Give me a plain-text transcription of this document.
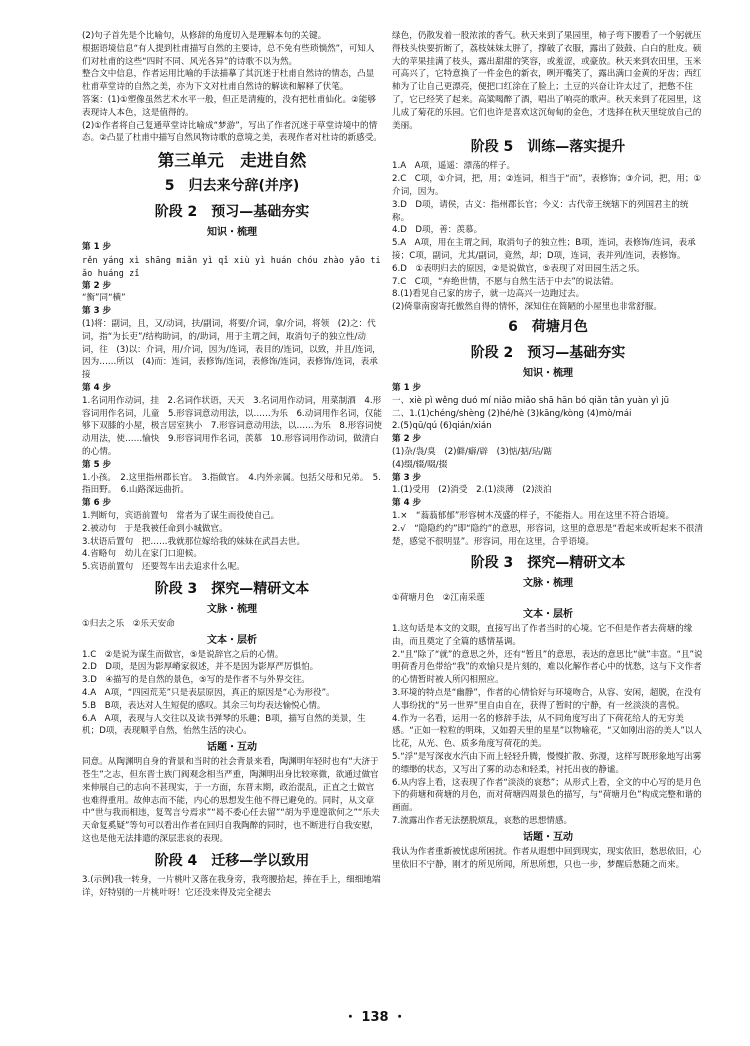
(2)句子首先是个比喻句，从修辞的角度切入是理解本句的关键。

根据语境信息“有人提到杜甫描写自然的主要诗，总不免有些琐惝然”，可知人们对杜甫的这些“四时不同、风光各异”的诗歌不以为然。

整合文中信息，作者运用比喻的手法描摹了其沉迷于杜甫自然诗的情态，凸显杜甫草堂诗的自然之美，亦为下文对杜甫自然诗的解读和解释了伏笔。

答案：(1)①塑像虽然艺术水平一般，但正是清瘦的，没有把杜甫仙化。②能够表现诗人本色，这是值得的。

(2)①作者将自己复通草堂诗比喻成“梦游”，写出了作者沉迷于草堂诗境中的情态。②凸显了杜甫中描写自然风物诗歌的意境之美，表现作者对杜诗的新感受。

第三单元　走进自然
5　归去来兮辞(并序)
阶段 2　预习—基础夯实
知识・梳理

第 1 步

rěn yáng xì shāng miǎn yì qǐ xiù yì huán chóu zhào yǎo tiǎo huáng zǐ

第 2 步

“衡”同“横”

第 3 步

(1)将：副词，且，又/动词，扶/副词，将要/介词，拿/介词，将领　(2)之：代词，指“为长吏”/结构助词，的/助词，用于主谓之间，取消句子的独立性/动词，往　(3)以：介词，用/介词，因为/连词，表目的/连词，以致，并且/连词，因为……所以　(4)而：连词，表修饰/连词，表修饰/连词，表修饰/连词，表承接

第 4 步

1.名词用作动词，挂　2.名词作状语，天天　3.名词用作动词，用菜制酒　4.形容词用作名词，儿童　5.形容词意动用法，以……为乐　6.动词用作名词，仅能够下双膝的小屋，极言居室狭小　7.形容词意动用法，以……为乐　8.形容词使动用法，使……愉快　9.形容词用作名词，羡慕　10.形容词用作动词，做清白的心情。

第 5 步

1.小孩。　2.这里指州郡长官。　3.指做官。　4.内外亲属。包括父母和兄弟。　5.指田野。　6.山路深远曲折。

第 6 步

1.判断句，宾语前置句　常者为了谋生而役使自己。
2.被动句　于是我被任命到小城做官。
3.状语后置句　把……我就那位嫁给我的妹妹在武昌去世。
4.省略句　幼儿在家门口迎候。
5.宾语前置句　还要驾车出去追求什么呢。

阶段 3　探究—精研文本
文脉・梳理

①归去之乐　②乐天安命

文本・层析

1.C　②是说为谋生而做官，⑤是说辞官之后的心情。
2.D　D项，是因为影厚嵴家叙述，并不是因为影厚严厉惧怕。
3.D　④描写的是自然的景色，⑤写的是作者不与外界交往。
4.A　A项，“四园荒芜”只是表层原因，真正的原因是“心为形役”。
5.B　B项，表达对人生短促的感叹。其余三句均表达愉悦心情。
6.A　A项，表现与人交往以及读书弹琴的乐趣；B项，描写自然的美景，生机；D项，表现顺乎自然，怡然生活的决心。

话题・互动

同意。从陶渊明自身的背景和当时的社会背景来看，陶渊明年轻时也有“大济于苍生”之志，但东晋士族门阀观念相当严重，陶渊明出身比较寒微，欲通过做官来伸展自己的志向不甚现实，于一方面，东晋末期，政治混乱，正直之士做官也难得重用。故伸志而不能，内心的思想发生他不得已避免的。同时，从文章中“世与我而相违，复驾言兮焉求”“曷不委心任去留”“胡为乎遑遑欲何之”“乐夫天命复奚疑”等句可以看出作者在回归自我陶醉的同时，也不断进行自我安慰，这也是他无法排遣的深层悲哀的表现。

阶段 4　迁移—学以致用

3.(示例)我一转身，一片桃叶又落在我身旁，我弯腰拾起，捧在手上，细细地端详，好特别的一片桃叶呀！它还没来得及完全褪去

绿色，仍散发着一股浓浓的香气。秋天来到了果园里，柿子弯下腰看了一个躬就压得枝头快要折断了，荔枝妹妹太胖了，撑破了衣服，露出了鼓鼓、白白的肚皮。硕大的苹果挂满了枝头，露出甜甜的笑容，或羞涩，或豪放。秋天来到农田里，玉米可高兴了，它特意换了一件金色的新衣，咧开嘴笑了，露出满口金黄的牙齿；西红柿为了让自己更漂亮，便把口红涂在了脸上；土豆的兴奋让许太过了，把憋不住了，它已经笑了起来。高粱喝醉了酒，唱出了响亮的歌声。秋天来到了花园里，这儿成了菊花的乐园。它们也许是喜欢这沉甸甸的金色，才选择在秋天里绽放自己的美丽。

阶段 5　训练—落实提升

1.A　A项，遥遥：漂荡的样子。
2.C　C项，①介词，把，用；②连词，相当于“而”，表修饰；③介词，把，用；①介词，因为。
3.D　D项，请侯，古义：指州郡长官；今义：古代帝王统辖下的列国君主的统称。
4.D　D项，善：羡慕。
5.A　A项，用在主谓之间，取消句子的独立性；B项，连词，表修饰/连词，表承接；C项，副词，尤其/副词，竟然，却；D项，连词，表并列/连词，表修饰。
6.D　①表明归去的原因，②是说做官，⑤表现了对田园生活之乐。
7.C　C项，“弃绝世情，不愿与自然生活于中去”的说法错。
8.(1)看见自己家的房子，就一边高兴一边跑过去。
(2)倚靠南窗寄托傲然自得的情怀，深知住在简陋的小屋里也非常舒服。

6　荷塘月色
阶段 2　预习—基础夯实
知识・梳理

第 1 步

一、xiè pì wěng duó mí niǎo miǎo shā hān bó qiǎn tǎn yuàn yì jū
二、1.(1)chéng/shèng (2)hé/hè (3)kāng/kòng (4)mò/mái
2.(5)qū/qú (6)qián/xián

第 2 步

(1)杂/袅/臭　(2)僻/癖/辟　(3)惦/掂/玷/踮
(4)缀/辍/啜/掇

第 3 步

1.(1)受用　(2)消受　2.(1)淡薄　(2)淡泊

第 4 步

1.×　“蓊蓊郁郁”形容树木茂盛的样子，不能指人。用在这里不符合语境。
2.√　“隐隐约约”即“隐约”的意思，形容词，这里的意思是“看起来或听起来不很清楚，感觉不很明显”。形容词，用在这里，合乎语境。

阶段 3　探究—精研文本
文脉・梳理

①荷塘月色　②江南采莲

文本・层析

1.这句话是本文的文眼，直接写出了作者当时的心境。它不但是作者去荷塘的缘由，而且奠定了全篇的感情基调。
2.“且”除了“就”的意思之外，还有“暂且”的意思，表达的意思比“就”丰富。“且”说明荷香月色带给“我”的欢愉只是片刻的，难以化解作者心中的忧愁，这与下文作者的心情暂时被人所闪相照应。
3.环境的特点是“幽静”，作者的心情恰好与环境吻合，从容、安闲，超脱，在没有人事纷扰的“另一世界”里自由自在，获得了暂时的宁静，有一丝淡淡的喜悦。
4.作为一名看，运用一名的修辞手法，从不同角度写出了下荷花给人的无穷美感。“正如一粒粒的明珠，又如碧天里的星星”以物喻花，“又如刚出浴的美人”以人比花，从光、色、质多角度写荷花的美。
5.“浮”是写深夜水汽由下而上轻轻升腾，慢慢扩散、弥漫，这样写既形象地写出雾的缥缈的状态，又写出了雾的动态和轻柔，衬托出夜的静谧。
6.从内容上看，这表现了作者“淡淡的哀愁”；从形式上看，全文的中心写的是月色下的荷塘和荷塘的月色，而对荷塘四周景色的描写，与“荷塘月色”构成完整和谐的画面。
7.流露出作者无法摆脱烦乱，哀愁的思想情感。

话题・互动

我认为作者重新被忧虑所困扰。作者从遐想中回到现实，现实依旧，愁思依旧，心里依旧不宁静，刚才的所见所闻，所思所想，只也一步，梦醒后愁随之而来。

・ 138 ・
